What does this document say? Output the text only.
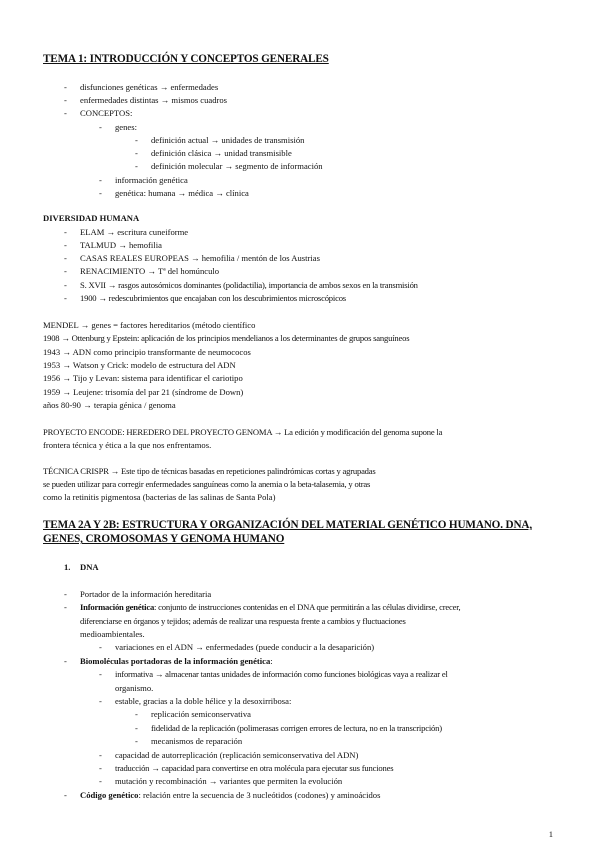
TEMA 1: INTRODUCCIÓN Y CONCEPTOS GENERALES
- disfunciones genéticas → enfermedades
- enfermedades distintas → mismos cuadros
- CONCEPTOS:
- genes:
- definición actual → unidades de transmisión
- definición clásica → unidad transmisible
- definición molecular → segmento de información
- información genética
- genética: humana → médica → clínica
DIVERSIDAD HUMANA
- ELAM → escritura cuneiforme
- TALMUD → hemofilia
- CASAS REALES EUROPEAS → hemofilia / mentón de los Austrias
- RENACIMIENTO → Tª del homúnculo
- S. XVII → rasgos autosómicos dominantes (polidactilia), importancia de ambos sexos en la transmisión
- 1900 → redescubrimientos que encajaban con los descubrimientos microscópicos
MENDEL → genes = factores hereditarios (método científico
1908 → Ottenburg y Epstein: aplicación de los principios mendelianos a los determinantes de grupos sanguíneos
1943 → ADN como principio transformante de neumococos
1953 → Watson y Crick: modelo de estructura del ADN
1956 → Tijo y Levan: sistema para identificar el cariotipo
1959 → Leujene: trisomía del par 21 (síndrome de Down)
años 80-90 → terapia génica / genoma
PROYECTO ENCODE: HEREDERO DEL PROYECTO GENOMA → La edición y modificación del genoma supone la
frontera técnica y ética a la que nos enfrentamos.
TÉCNICA CRISPR → Este tipo de técnicas basadas en repeticiones palindrómicas cortas y agrupadas
se pueden utilizar para corregir enfermedades sanguíneas como la anemia o la beta-talasemia, y otras
como la retinitis pigmentosa (bacterias de las salinas de Santa Pola)
TEMA 2A Y 2B: ESTRUCTURA Y ORGANIZACIÓN DEL MATERIAL GENÉTICO HUMANO. DNA,
GENES, CROMOSOMAS Y GENOMA HUMANO
1. DNA
- Portador de la información hereditaria
- Información genética: conjunto de instrucciones contenidas en el DNA que permitirán a las células dividirse, crecer,
diferenciarse en órganos y tejidos; además de realizar una respuesta frente a cambios y fluctuaciones
medioambientales.
- variaciones en el ADN → enfermedades (puede conducir a la desaparición)
- Biomoléculas portadoras de la información genética:
- informativa → almacenar tantas unidades de información como funciones biológicas vaya a realizar el
organismo.
- estable, gracias a la doble hélice y la desoxirribosa:
- replicación semiconservativa
- fidelidad de la replicación (polimerasas corrigen errores de lectura, no en la transcripción)
- mecanismos de reparación
- capacidad de autorreplicación (replicación semiconservativa del ADN)
- traducción → capacidad para convertirse en otra molécula para ejecutar sus funciones
- mutación y recombinación → variantes que permiten la evolución
- Código genético: relación entre la secuencia de 3 nucleótidos (codones) y aminoácidos
1
